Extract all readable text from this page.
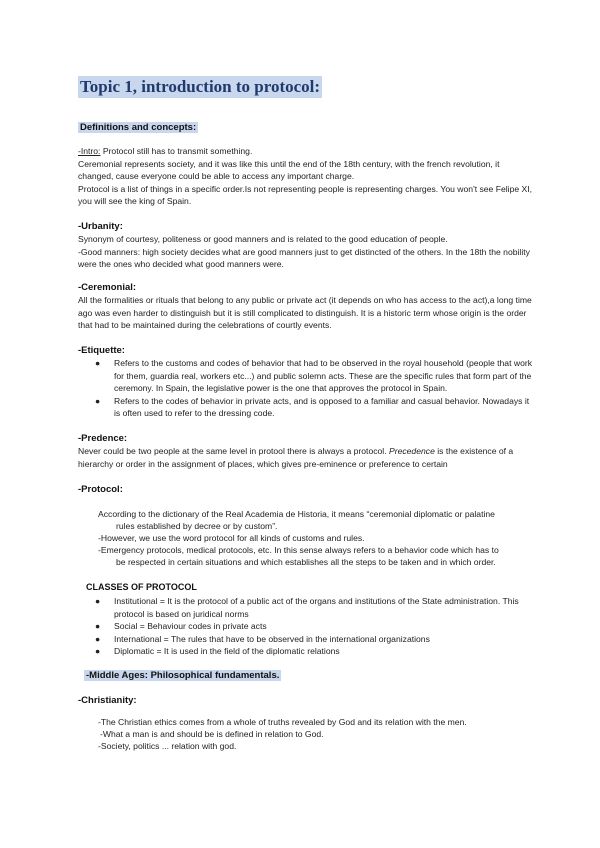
Topic 1, introduction to protocol:
Definitions and concepts:
-Intro: Protocol still has to transmit something.
Ceremonial represents society, and it was like this until the end of the 18th century, with the french revolution, it changed, cause everyone could be able to access any important charge.
Protocol is a list of things in a specific order.Is not representing people is representing charges. You won't see Felipe XI, you will see the king of Spain.
-Urbanity:
Synonym of courtesy, politeness or good manners and is related to the good education of people.
-Good manners: high society decides what are good manners just to get distincted of the others. In the 18th the nobility were the ones who decided what good manners were.
-Ceremonial:
All the formalities or rituals that belong to any public or private act (it depends on who has access to the act),a long time ago was even harder to distinguish but it is still complicated to distinguish. It is a historic term whose origin is the order that had to be maintained during the celebrations of courtly events.
-Etiquette:
● Refers to the customs and codes of behavior that had to be observed in the royal household (people that work for them, guardia real, workers etc...) and public solemn acts. These are the specific rules that form part of the ceremony. In Spain, the legislative power is the one that approves the protocol in Spain.
● Refers to the codes of behavior in private acts, and is opposed to a familiar and casual behavior. Nowadays it is often used to refer to the dressing code.
-Predence:
Never could be two people at the same level in protool there is always a protocol. Precedence is the existence of a hierarchy or order in the assignment of places, which gives pre-eminence or preference to certain
-Protocol:
According to the dictionary of the Real Academia de Historia, it means “ceremonial diplomatic or palatine
rules established by decree or by custom”.
-However, we use the word protocol for all kinds of customs and rules.
-Emergency protocols, medical protocols, etc. In this sense always refers to a behavior code which has to
be respected in certain situations and which establishes all the steps to be taken and in which order.
CLASSES OF PROTOCOL
● Institutional = It is the protocol of a public act of the organs and institutions of the State administration. This protocol is based on juridical norms
● Social = Behaviour codes in private acts
● International = The rules that have to be observed in the international organizations
● Diplomatic = It is used in the field of the diplomatic relations
-Middle Ages: Philosophical fundamentals.
-Christianity:
-The Christian ethics comes from a whole of truths revealed by God and its relation with the men.
-What a man is and should be is defined in relation to God.
-Society, politics ... relation with god.
